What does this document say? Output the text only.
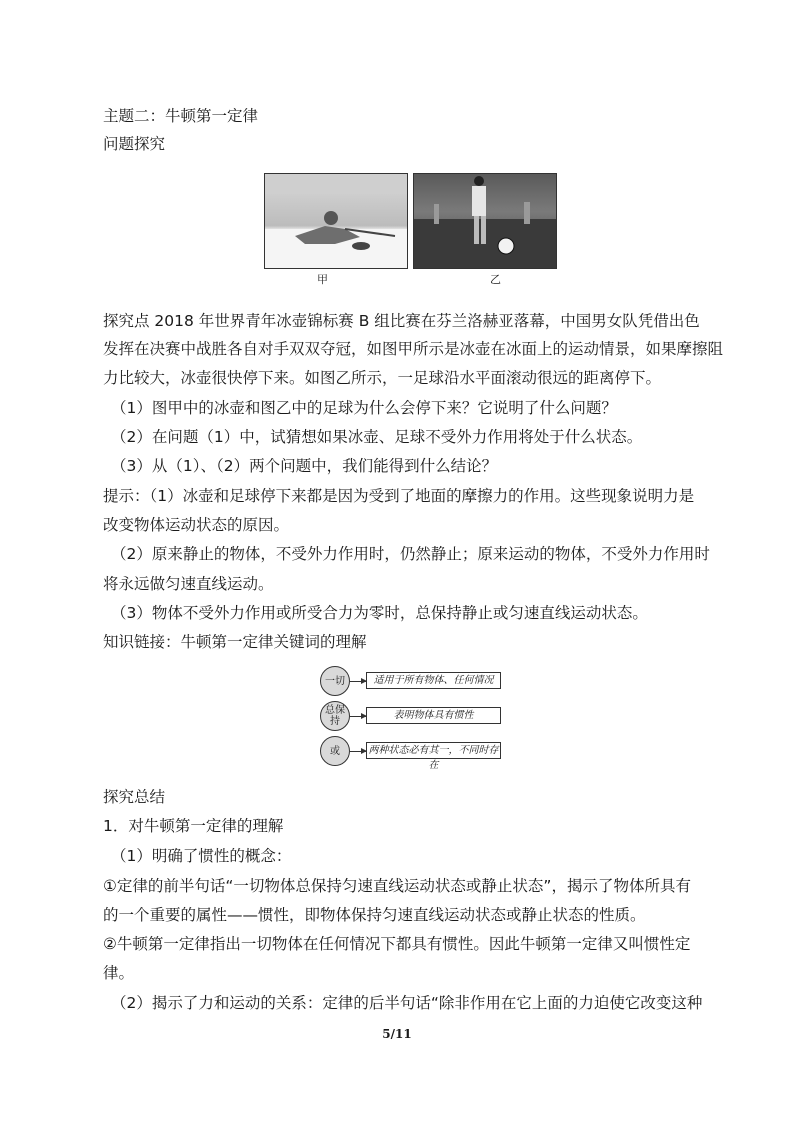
主题二：牛顿第一定律
问题探究
甲	乙
探究点 2018 年世界青年冰壶锦标赛 B 组比赛在芬兰洛赫亚落幕，中国男女队凭借出色
发挥在决赛中战胜各自对手双双夺冠，如图甲所示是冰壶在冰面上的运动情景，如果摩擦阻
力比较大，冰壶很快停下来。如图乙所示，一足球沿水平面滚动很远的距离停下。
（1）图甲中的冰壶和图乙中的足球为什么会停下来？它说明了什么问题？
（2）在问题（1）中，试猜想如果冰壶、足球不受外力作用将处于什么状态。
（3）从（1）、（2）两个问题中，我们能得到什么结论？
提示：（1）冰壶和足球停下来都是因为受到了地面的摩擦力的作用。这些现象说明力是
改变物体运动状态的原因。
（2）原来静止的物体，不受外力作用时，仍然静止；原来运动的物体，不受外力作用时
将永远做匀速直线运动。
（3）物体不受外力作用或所受合力为零时，总保持静止或匀速直线运动状态。
知识链接：牛顿第一定律关键词的理解
一切	适用于所有物体、任何情况
总保持
表明物体具有惯性
或	两种状态必有其一，不同时存在
探究总结
1．对牛顿第一定律的理解
（1）明确了惯性的概念：
①定律的前半句话“一切物体总保持匀速直线运动状态或静止状态”，揭示了物体所具有
的一个重要的属性——惯性，即物体保持匀速直线运动状态或静止状态的性质。
②牛顿第一定律指出一切物体在任何情况下都具有惯性。因此牛顿第一定律又叫惯性定
律。
（2）揭示了力和运动的关系：定律的后半句话“除非作用在它上面的力迫使它改变这种
5/11
